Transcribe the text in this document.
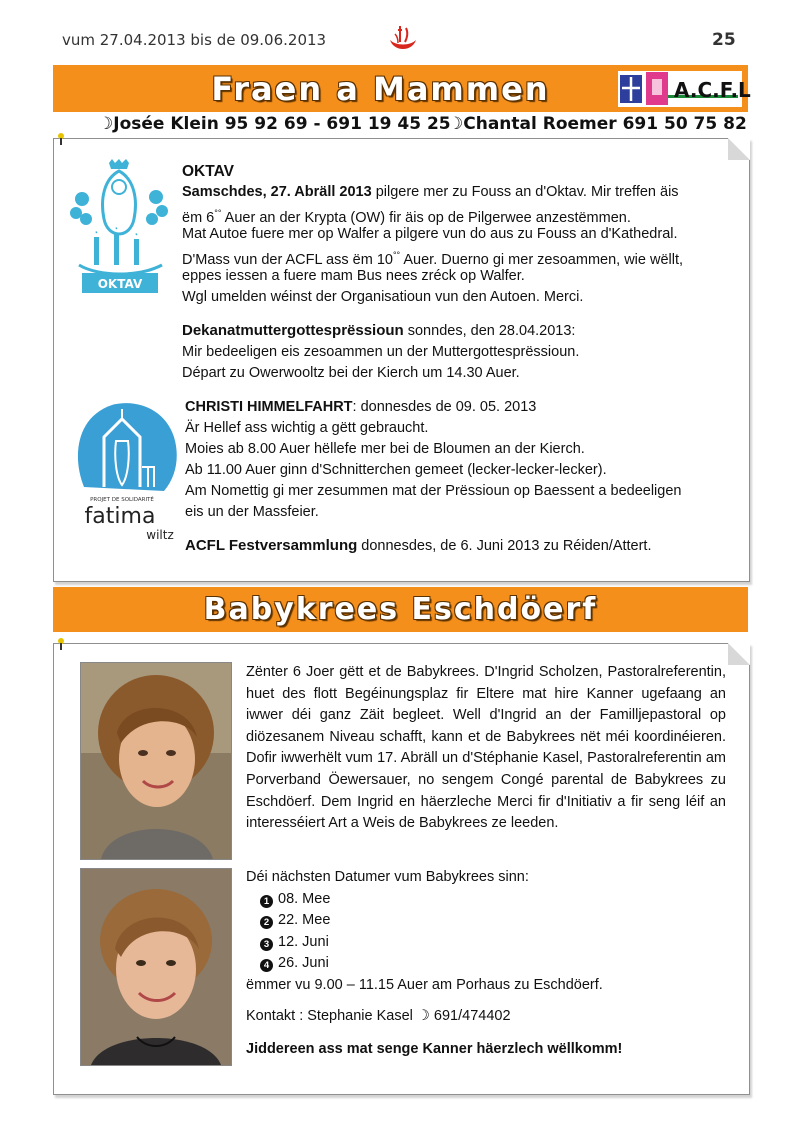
vum 27.04.2013 bis de 09.06.2013	25
Fraen a Mammen	A.C.F.L
☽Josée Klein 95 92 69 - 691 19 45 25
☽Chantal Roemer 691 50 75 82
OKTAV
PROJET DE SOLIDARITÉ
fatima
wiltz

OKTAV

Samschdes, 27. Abräll 2013 pilgere mer zu Fouss an d'Oktav. Mir treffen äis

ëm 6°° Auer an der Krypta (OW) fir äis op de Pilgerwee anzestëmmen.

Mat Autoe fuere mer op Walfer a pilgere vun do aus zu Fouss an d'Kathedral.

D'Mass vun der ACFL ass ëm 10°° Auer. Duerno gi mer zesoammen, wie wëllt,

eppes iessen a fuere mam Bus nees zréck op Walfer.

Wgl umelden wéinst der Organisatioun vun den Autoen. Merci.

Dekanatmuttergottesprëssioun sonndes, den 28.04.2013:

Mir bedeeligen eis zesoammen un der Muttergottesprëssioun.

Départ zu Owerwooltz bei der Kierch um 14.30 Auer.

CHRISTI HIMMELFAHRT: donnesdes de 09. 05. 2013

Är Hellef ass wichtig a gëtt gebraucht.

Moies ab 8.00 Auer hëllefe mer bei de Bloumen an der Kierch.

Ab 11.00 Auer ginn d'Schnitterchen gemeet (lecker-lecker-lecker).

Am Nomettig gi mer zesummen mat der Prëssioun op Baessent a bedeeligen

eis un der Massfeier.

ACFL Festversammlung donnesdes, de 6. Juni 2013 zu Réiden/Attert.

Babykrees Eschdöerf

Zënter 6 Joer gëtt et de Babykrees. D'Ingrid Scholzen, Pastoralreferentin, huet des flott Begéinungsplaz fir Eltere mat hire Kanner ugefaang an iwwer déi ganz Zäit begleet. Well d'Ingrid an der Familljepastoral op diözesanem Niveau schafft, kann et de Babykrees nët méi koordinéieren. Dofir iwwerhëlt vum 17. Abräll un d'Stéphanie Kasel, Pastoralreferentin am Porverband Öewersauer, no sengem Congé parental de Babykrees zu Eschdöerf. Dem Ingrid en häerzleche Merci fir d'Initiativ a fir seng léif an interesséiert Art a Weis de Babykrees ze leeden.

Déi nächsten Datumer vum Babykrees sinn:
1 08. Mee
2 22. Mee
3 12. Juni
4 26. Juni
ëmmer vu 9.00 – 11.15 Auer am Porhaus zu Eschdöerf.

Kontakt : Stephanie Kasel ☽ 691/474402

Jiddereen ass mat senge Kanner häerzlech wëllkomm!
